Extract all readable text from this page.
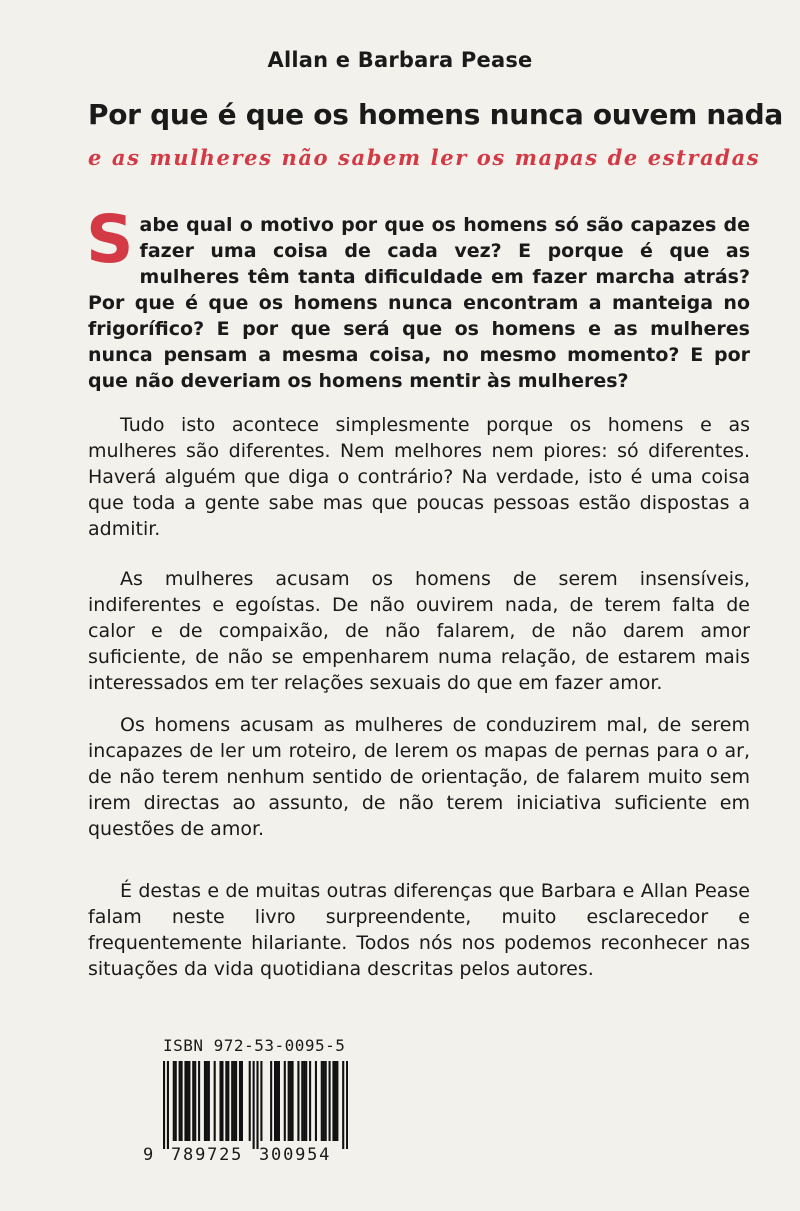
Allan e Barbara Pease
Por que é que os homens nunca ouvem nada
e as mulheres não sabem ler os mapas de estradas

Sabe qual o motivo por que os homens só são capazes de fazer uma coisa de cada vez? E porque é que as mulheres têm tanta dificuldade em fazer marcha atrás? Por que é que os homens nunca encontram a manteiga no frigorífico? E por que será que os homens e as mulheres nunca pensam a mesma coisa, no mesmo momento? E por que não deveriam os homens mentir às mulheres?

Tudo isto acontece simplesmente porque os homens e as mulheres são diferentes. Nem melhores nem piores: só diferentes. Haverá alguém que diga o contrário? Na verdade, isto é uma coisa que toda a gente sabe mas que poucas pessoas estão dispostas a admitir.

As mulheres acusam os homens de serem insensíveis, indiferentes e egoístas. De não ouvirem nada, de terem falta de calor e de compaixão, de não falarem, de não darem amor suficiente, de não se empenharem numa relação, de estarem mais interessados em ter relações sexuais do que em fazer amor.

Os homens acusam as mulheres de conduzirem mal, de serem incapazes de ler um roteiro, de lerem os mapas de pernas para o ar, de não terem nenhum sentido de orientação, de falarem muito sem irem directas ao assunto, de não terem iniciativa suficiente em questões de amor.

É destas e de muitas outras diferenças que Barbara e Allan Pease falam neste livro surpreendente, muito esclarecedor e frequentemente hilariante. Todos nós nos podemos reconhecer nas situações da vida quotidiana descritas pelos autores.

ISBN 972-53-0095-5
9 789725 300954
